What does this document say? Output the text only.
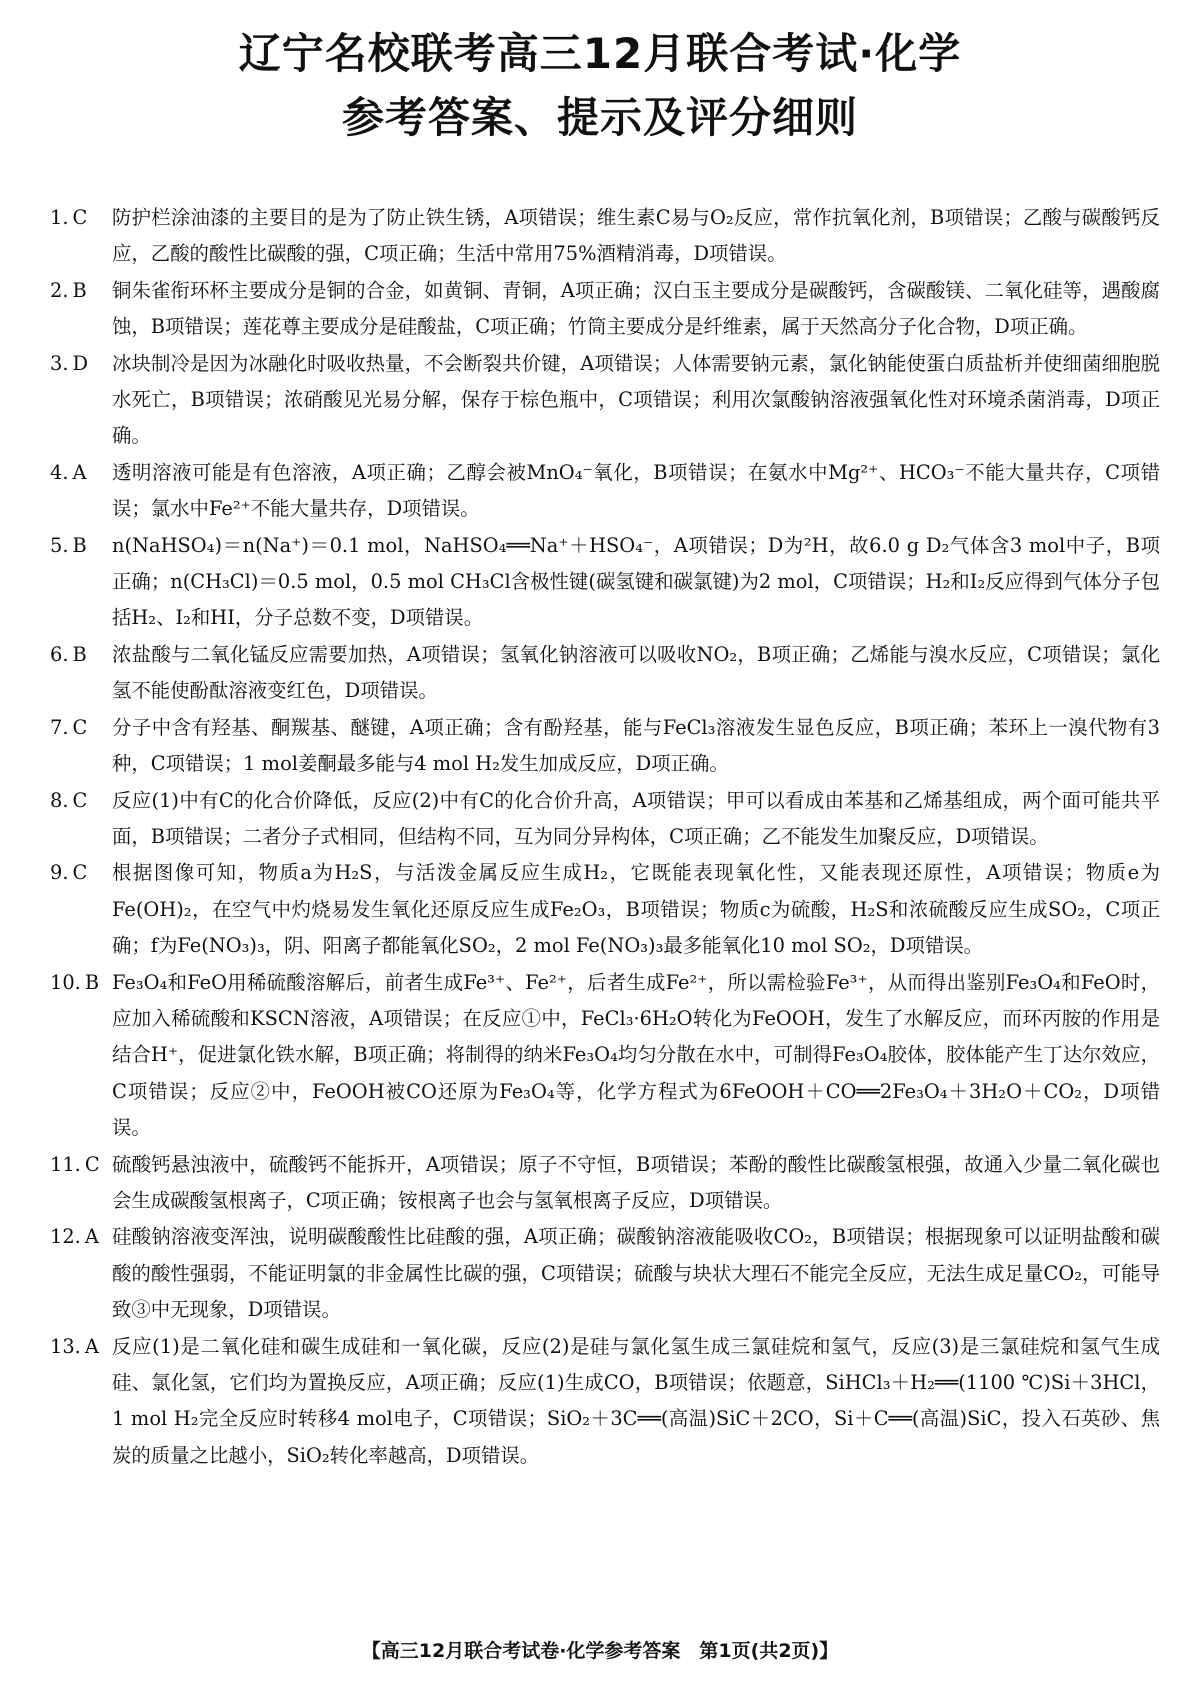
辽宁名校联考高三12月联合考试·化学
参考答案、提示及评分细则
1. C	防护栏涂油漆的主要目的是为了防止铁生锈，A项错误；维生素C易与O₂反应，常作抗氧化剂，B项错误；乙酸与碳酸钙反应，乙酸的酸性比碳酸的强，C项正确；生活中常用75%酒精消毒，D项错误。
2. B	铜朱雀衔环杯主要成分是铜的合金，如黄铜、青铜，A项正确；汉白玉主要成分是碳酸钙，含碳酸镁、二氧化硅等，遇酸腐蚀，B项错误；莲花尊主要成分是硅酸盐，C项正确；竹筒主要成分是纤维素，属于天然高分子化合物，D项正确。
3. D	冰块制冷是因为冰融化时吸收热量，不会断裂共价键，A项错误；人体需要钠元素，氯化钠能使蛋白质盐析并使细菌细胞脱水死亡，B项错误；浓硝酸见光易分解，保存于棕色瓶中，C项错误；利用次氯酸钠溶液强氧化性对环境杀菌消毒，D项正确。
4. A	透明溶液可能是有色溶液，A项正确；乙醇会被MnO₄⁻氧化，B项错误；在氨水中Mg²⁺、HCO₃⁻不能大量共存，C项错误；氯水中Fe²⁺不能大量共存，D项错误。
5. B	n(NaHSO₄)＝n(Na⁺)＝0.1 mol，NaHSO₄══Na⁺＋HSO₄⁻，A项错误；D为²H，故6.0 g D₂气体含3 mol中子，B项正确；n(CH₃Cl)＝0.5 mol，0.5 mol CH₃Cl含极性键(碳氢键和碳氯键)为2 mol，C项错误；H₂和I₂反应得到气体分子包括H₂、I₂和HI，分子总数不变，D项错误。
6. B	浓盐酸与二氧化锰反应需要加热，A项错误；氢氧化钠溶液可以吸收NO₂，B项正确；乙烯能与溴水反应，C项错误；氯化氢不能使酚酞溶液变红色，D项错误。
7. C	分子中含有羟基、酮羰基、醚键，A项正确；含有酚羟基，能与FeCl₃溶液发生显色反应，B项正确；苯环上一溴代物有3种，C项错误；1 mol姜酮最多能与4 mol H₂发生加成反应，D项正确。
8. C	反应(1)中有C的化合价降低，反应(2)中有C的化合价升高，A项错误；甲可以看成由苯基和乙烯基组成，两个面可能共平面，B项错误；二者分子式相同，但结构不同，互为同分异构体，C项正确；乙不能发生加聚反应，D项错误。
9. C	根据图像可知，物质a为H₂S，与活泼金属反应生成H₂，它既能表现氧化性，又能表现还原性，A项错误；物质e为Fe(OH)₂，在空气中灼烧易发生氧化还原反应生成Fe₂O₃，B项错误；物质c为硫酸，H₂S和浓硫酸反应生成SO₂，C项正确；f为Fe(NO₃)₃，阴、阳离子都能氧化SO₂，2 mol Fe(NO₃)₃最多能氧化10 mol SO₂，D项错误。
10. B Fe₃O₄和FeO用稀硫酸溶解后，前者生成Fe³⁺、Fe²⁺，后者生成Fe²⁺，所以需检验Fe³⁺，从而得出鉴别Fe₃O₄和FeO时，应加入稀硫酸和KSCN溶液，A项错误；在反应①中，FeCl₃·6H₂O转化为FeOOH，发生了水解反应，而环丙胺的作用是结合H⁺，促进氯化铁水解，B项正确；将制得的纳米Fe₃O₄均匀分散在水中，可制得Fe₃O₄胶体，胶体能产生丁达尔效应，C项错误；反应②中，FeOOH被CO还原为Fe₃O₄等，化学方程式为6FeOOH＋CO══2Fe₃O₄＋3H₂O＋CO₂，D项错误。
11. C 硫酸钙悬浊液中，硫酸钙不能拆开，A项错误；原子不守恒，B项错误；苯酚的酸性比碳酸氢根强，故通入少量二氧化碳也会生成碳酸氢根离子，C项正确；铵根离子也会与氢氧根离子反应，D项错误。
12. A 硅酸钠溶液变浑浊，说明碳酸酸性比硅酸的强，A项正确；碳酸钠溶液能吸收CO₂，B项错误；根据现象可以证明盐酸和碳酸的酸性强弱，不能证明氯的非金属性比碳的强，C项错误；硫酸与块状大理石不能完全反应，无法生成足量CO₂，可能导致③中无现象，D项错误。
13. A 反应(1)是二氧化硅和碳生成硅和一氧化碳，反应(2)是硅与氯化氢生成三氯硅烷和氢气，反应(3)是三氯硅烷和氢气生成硅、氯化氢，它们均为置换反应，A项正确；反应(1)生成CO，B项错误；依题意，SiHCl₃＋H₂══(1100 ℃)Si＋3HCl，1 mol H₂完全反应时转移4 mol电子，C项错误；SiO₂＋3C══(高温)SiC＋2CO，Si＋C══(高温)SiC，投入石英砂、焦炭的质量之比越小，SiO₂转化率越高，D项错误。
【高三12月联合考试卷·化学参考答案　第1页(共2页)】
